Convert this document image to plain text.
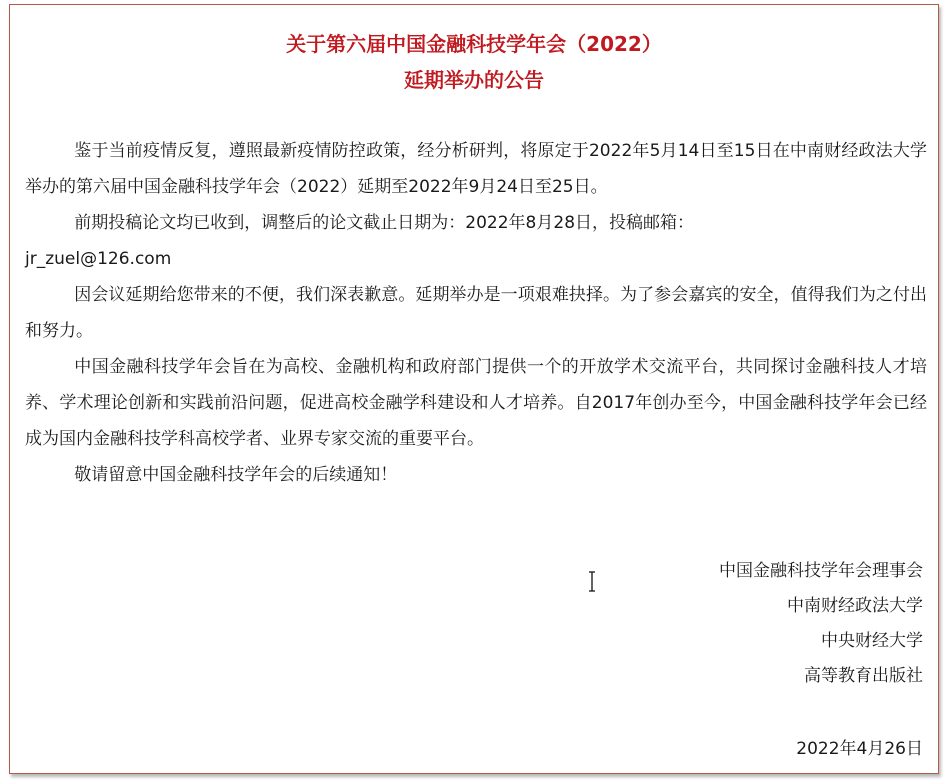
关于第六届中国金融科技学年会（2022）
延期举办的公告

鉴于当前疫情反复，遵照最新疫情防控政策，经分析研判，将原定于2022年5月14日至15日在中南财经政法大学举办的第六届中国金融科技学年会（2022）延期至2022年9月24日至25日。

前期投稿论文均已收到，调整后的论文截止日期为：2022年8月28日，投稿邮箱：

jr_zuel@126.com

因会议延期给您带来的不便，我们深表歉意。延期举办是一项艰难抉择。为了参会嘉宾的安全，值得我们为之付出和努力。

中国金融科技学年会旨在为高校、金融机构和政府部门提供一个的开放学术交流平台，共同探讨金融科技人才培养、学术理论创新和实践前沿问题，促进高校金融学科建设和人才培养。自2017年创办至今，中国金融科技学年会已经成为国内金融科技学科高校学者、业界专家交流的重要平台。

敬请留意中国金融科技学年会的后续通知！

中国金融科技学年会理事会
中南财经政法大学
中央财经大学
高等教育出版社
2022年4月26日
